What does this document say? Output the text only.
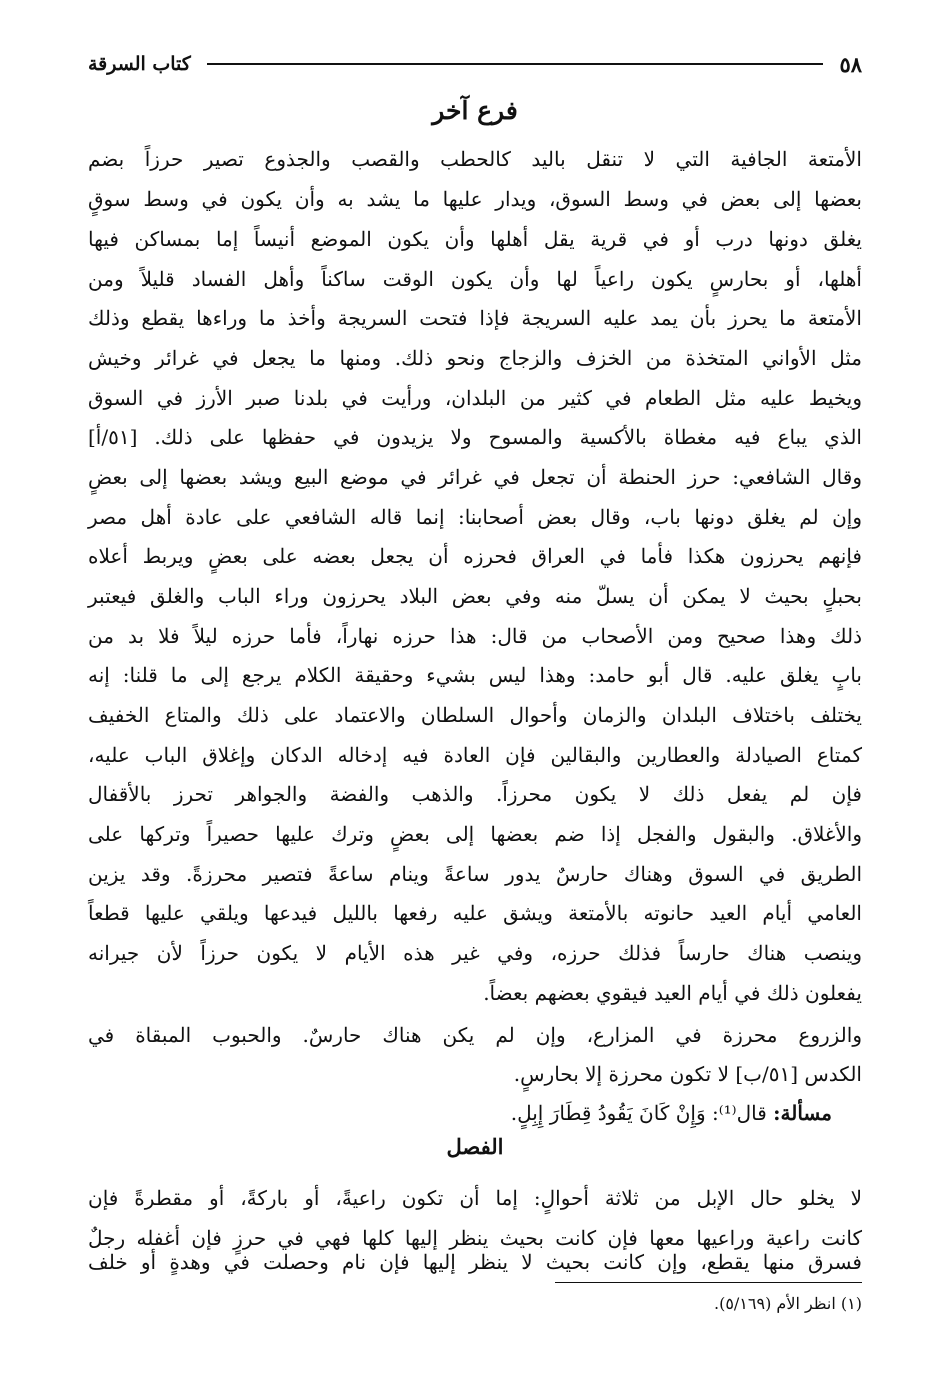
٥٨
كتاب السرقة
فرع آخر
الأمتعة الجافية التي لا تنقل باليد كالحطب والقصب والجذوع تصير حرزاً بضم
بعضها إلى بعض في وسط السوق، ويدار عليها ما يشد به وأن يكون في وسط سوقٍ
يغلق دونها درب أو في قرية يقل أهلها وأن يكون الموضع أنيساً إما بمساكن فيها
أهلها، أو بحارسٍ يكون راعياً لها وأن يكون الوقت ساكناً وأهل الفساد قليلاً ومن
الأمتعة ما يحرز بأن يمد عليه السريجة فإذا فتحت السريجة وأخذ ما وراءها يقطع وذلك
مثل الأواني المتخذة من الخزف والزجاج ونحو ذلك. ومنها ما يجعل في غرائر وخيش
ويخيط عليه مثل الطعام في كثير من البلدان، ورأيت في بلدنا صبر الأرز في السوق
الذي يباع فيه مغطاة بالأكسية والمسوح ولا يزيدون في حفظها على ذلك. [٥١/أ]
وقال الشافعي: حرز الحنطة أن تجعل في غرائر في موضع البيع ويشد بعضها إلى بعضٍ
وإن لم يغلق دونها باب، وقال بعض أصحابنا: إنما قاله الشافعي على عادة أهل مصر
فإنهم يحرزون هكذا فأما في العراق فحرزه أن يجعل بعضه على بعضٍ ويربط أعلاه
بحبلٍ بحيث لا يمكن أن يسلّ منه وفي بعض البلاد يحرزون وراء الباب والغلق فيعتبر
ذلك وهذا صحيح ومن الأصحاب من قال: هذا حرزه نهاراً، فأما حرزه ليلاً فلا بد من
بابٍ يغلق عليه. قال أبو حامد: وهذا ليس بشيء وحقيقة الكلام يرجع إلى ما قلنا: إنه
يختلف باختلاف البلدان والزمان وأحوال السلطان والاعتماد على ذلك والمتاع الخفيف
كمتاع الصيادلة والعطارين والبقالين فإن العادة فيه إدخاله الدكان وإغلاق الباب عليه،
فإن لم يفعل ذلك لا يكون محرزاً. والذهب والفضة والجواهر تحرز بالأقفال
والأغلاق. والبقول والفجل إذا ضم بعضها إلى بعضٍ وترك عليها حصيراً وتركها على
الطريق في السوق وهناك حارسٌ يدور ساعةً وينام ساعةً فتصير محرزةً. وقد يزين
العامي أيام العيد حانوته بالأمتعة ويشق عليه رفعها بالليل فيدعها ويلقي عليها قطعاً
وينصب هناك حارساً فذلك حرزه، وفي غير هذه الأيام لا يكون حرزاً لأن جيرانه
يفعلون ذلك في أيام العيد فيقوي بعضهم بعضاً.
والزروع محرزة في المزارع، وإن لم يكن هناك حارسٌ. والحبوب المبقاة في
الكدس [٥١/ب] لا تكون محرزة إلا بحارسٍ.
مسألة: قال⁽¹⁾: وَإِنْ كَانَ يَقُودُ قِطَارَ إِبِلٍ.
الفصل
لا يخلو حال الإبل من ثلاثة أحوالٍ: إما أن تكون راعيةً، أو باركةً، أو مقطرةً فإن
كانت راعية وراعيها معها فإن كانت بحيث ينظر إليها كلها فهي في حرزٍ فإن أغفله رجلٌ
فسرق منها يقطع، وإن كانت بحيث لا ينظر إليها فإن نام وحصلت في وهدةٍ أو خلف
(١) انظر الأم (٥/١٦٩).
